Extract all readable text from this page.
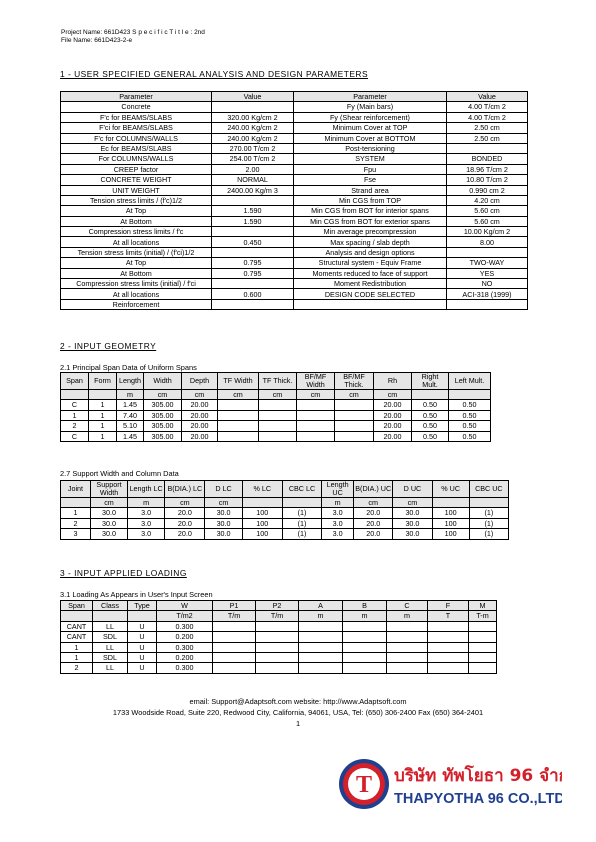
Project Name: 661D423 S p e c i f i c T i t l e : 2nd
File Name: 661D423-2-e
1 - USER SPECIFIED GENERAL ANALYSIS AND DESIGN PARAMETERS
Parameter	Value	Parameter	Value
Concrete		Fy (Main bars)	4.00 T/cm 2
F'c for BEAMS/SLABS	320.00 Kg/cm 2	Fy (Shear reinforcement)	4.00 T/cm 2
F'ci for BEAMS/SLABS	240.00 Kg/cm 2	Minimum Cover at TOP	2.50 cm
F'c for COLUMNS/WALLS	240.00 Kg/cm 2	Minimum Cover at BOTTOM	2.50 cm
Ec for BEAMS/SLABS	270.00 T/cm 2	Post-tensioning	
For COLUMNS/WALLS	254.00 T/cm 2	SYSTEM	BONDED
CREEP factor	2.00	Fpu	18.96 T/cm 2
CONCRETE WEIGHT	NORMAL	Fse	10.80 T/cm 2
UNIT WEIGHT	2400.00 Kg/m 3	Strand area	0.990 cm 2
Tension stress limits / (f'c)1/2		Min CGS from TOP	4.20 cm
At Top	1.590	Min CGS from BOT for interior spans	5.60 cm
At Bottom	1.590	Min CGS from BOT for exterior spans	5.60 cm
Compression stress limits / f'c		Min average precompression	10.00 Kg/cm 2
At all locations	0.450	Max spacing / slab depth	8.00
Tension stress limits (initial) / (f'ci)1/2		Analysis and design options	
At Top	0.795	Structural system - Equiv Frame	TWO-WAY
At Bottom	0.795	Moments reduced to face of support	YES
Compression stress limits (initial) / f'ci		Moment Redistribution	NO
At all locations	0.600	DESIGN CODE SELECTED	ACI-318 (1999)
Reinforcement			
2 - INPUT GEOMETRY
2.1 Principal Span Data of Uniform Spans
Span	Form	Length	Width	Depth	TF Width	TF Thick.	BF/MF Width	BF/MF Thick.	Rh	Right Mult.	Left Mult.
		m	cm	cm	cm	cm	cm	cm	cm		
C	1	1.45	305.00	20.00					20.00	0.50	0.50
1	1	7.40	305.00	20.00					20.00	0.50	0.50
2	1	5.10	305.00	20.00					20.00	0.50	0.50
C	1	1.45	305.00	20.00					20.00	0.50	0.50
2.7 Support Width and Column Data
Joint	Support Width	Length LC	B(DIA.) LC	D LC	% LC	CBC LC	Length UC	B(DIA.) UC	D UC	% UC	CBC UC
	cm	m	cm	cm			m	cm	cm		
1	30.0	3.0	20.0	30.0	100	(1)	3.0	20.0	30.0	100	(1)
2	30.0	3.0	20.0	30.0	100	(1)	3.0	20.0	30.0	100	(1)
3	30.0	3.0	20.0	30.0	100	(1)	3.0	20.0	30.0	100	(1)
3 - INPUT APPLIED LOADING
3.1 Loading As Appears in User's Input Screen
Span	Class	Type	W	P1	P2	A	B	C	F	M
			T/m2	T/m	T/m	m	m	m	T	T-m
CANT	LL	U	0.300							
CANT	SDL	U	0.200							
1	LL	U	0.300							
1	SDL	U	0.200							
2	LL	U	0.300							
email: Support@Adaptsoft.com website: http://www.Adaptsoft.com
1733 Woodside Road, Suite 220, Redwood City, California, 94061, USA, Tel: (650) 306-2400 Fax (650) 364-2401
1
T บริษัท ทัพโยธา 96 จำกัด
THAPYOTHA 96 CO.,LTD.
